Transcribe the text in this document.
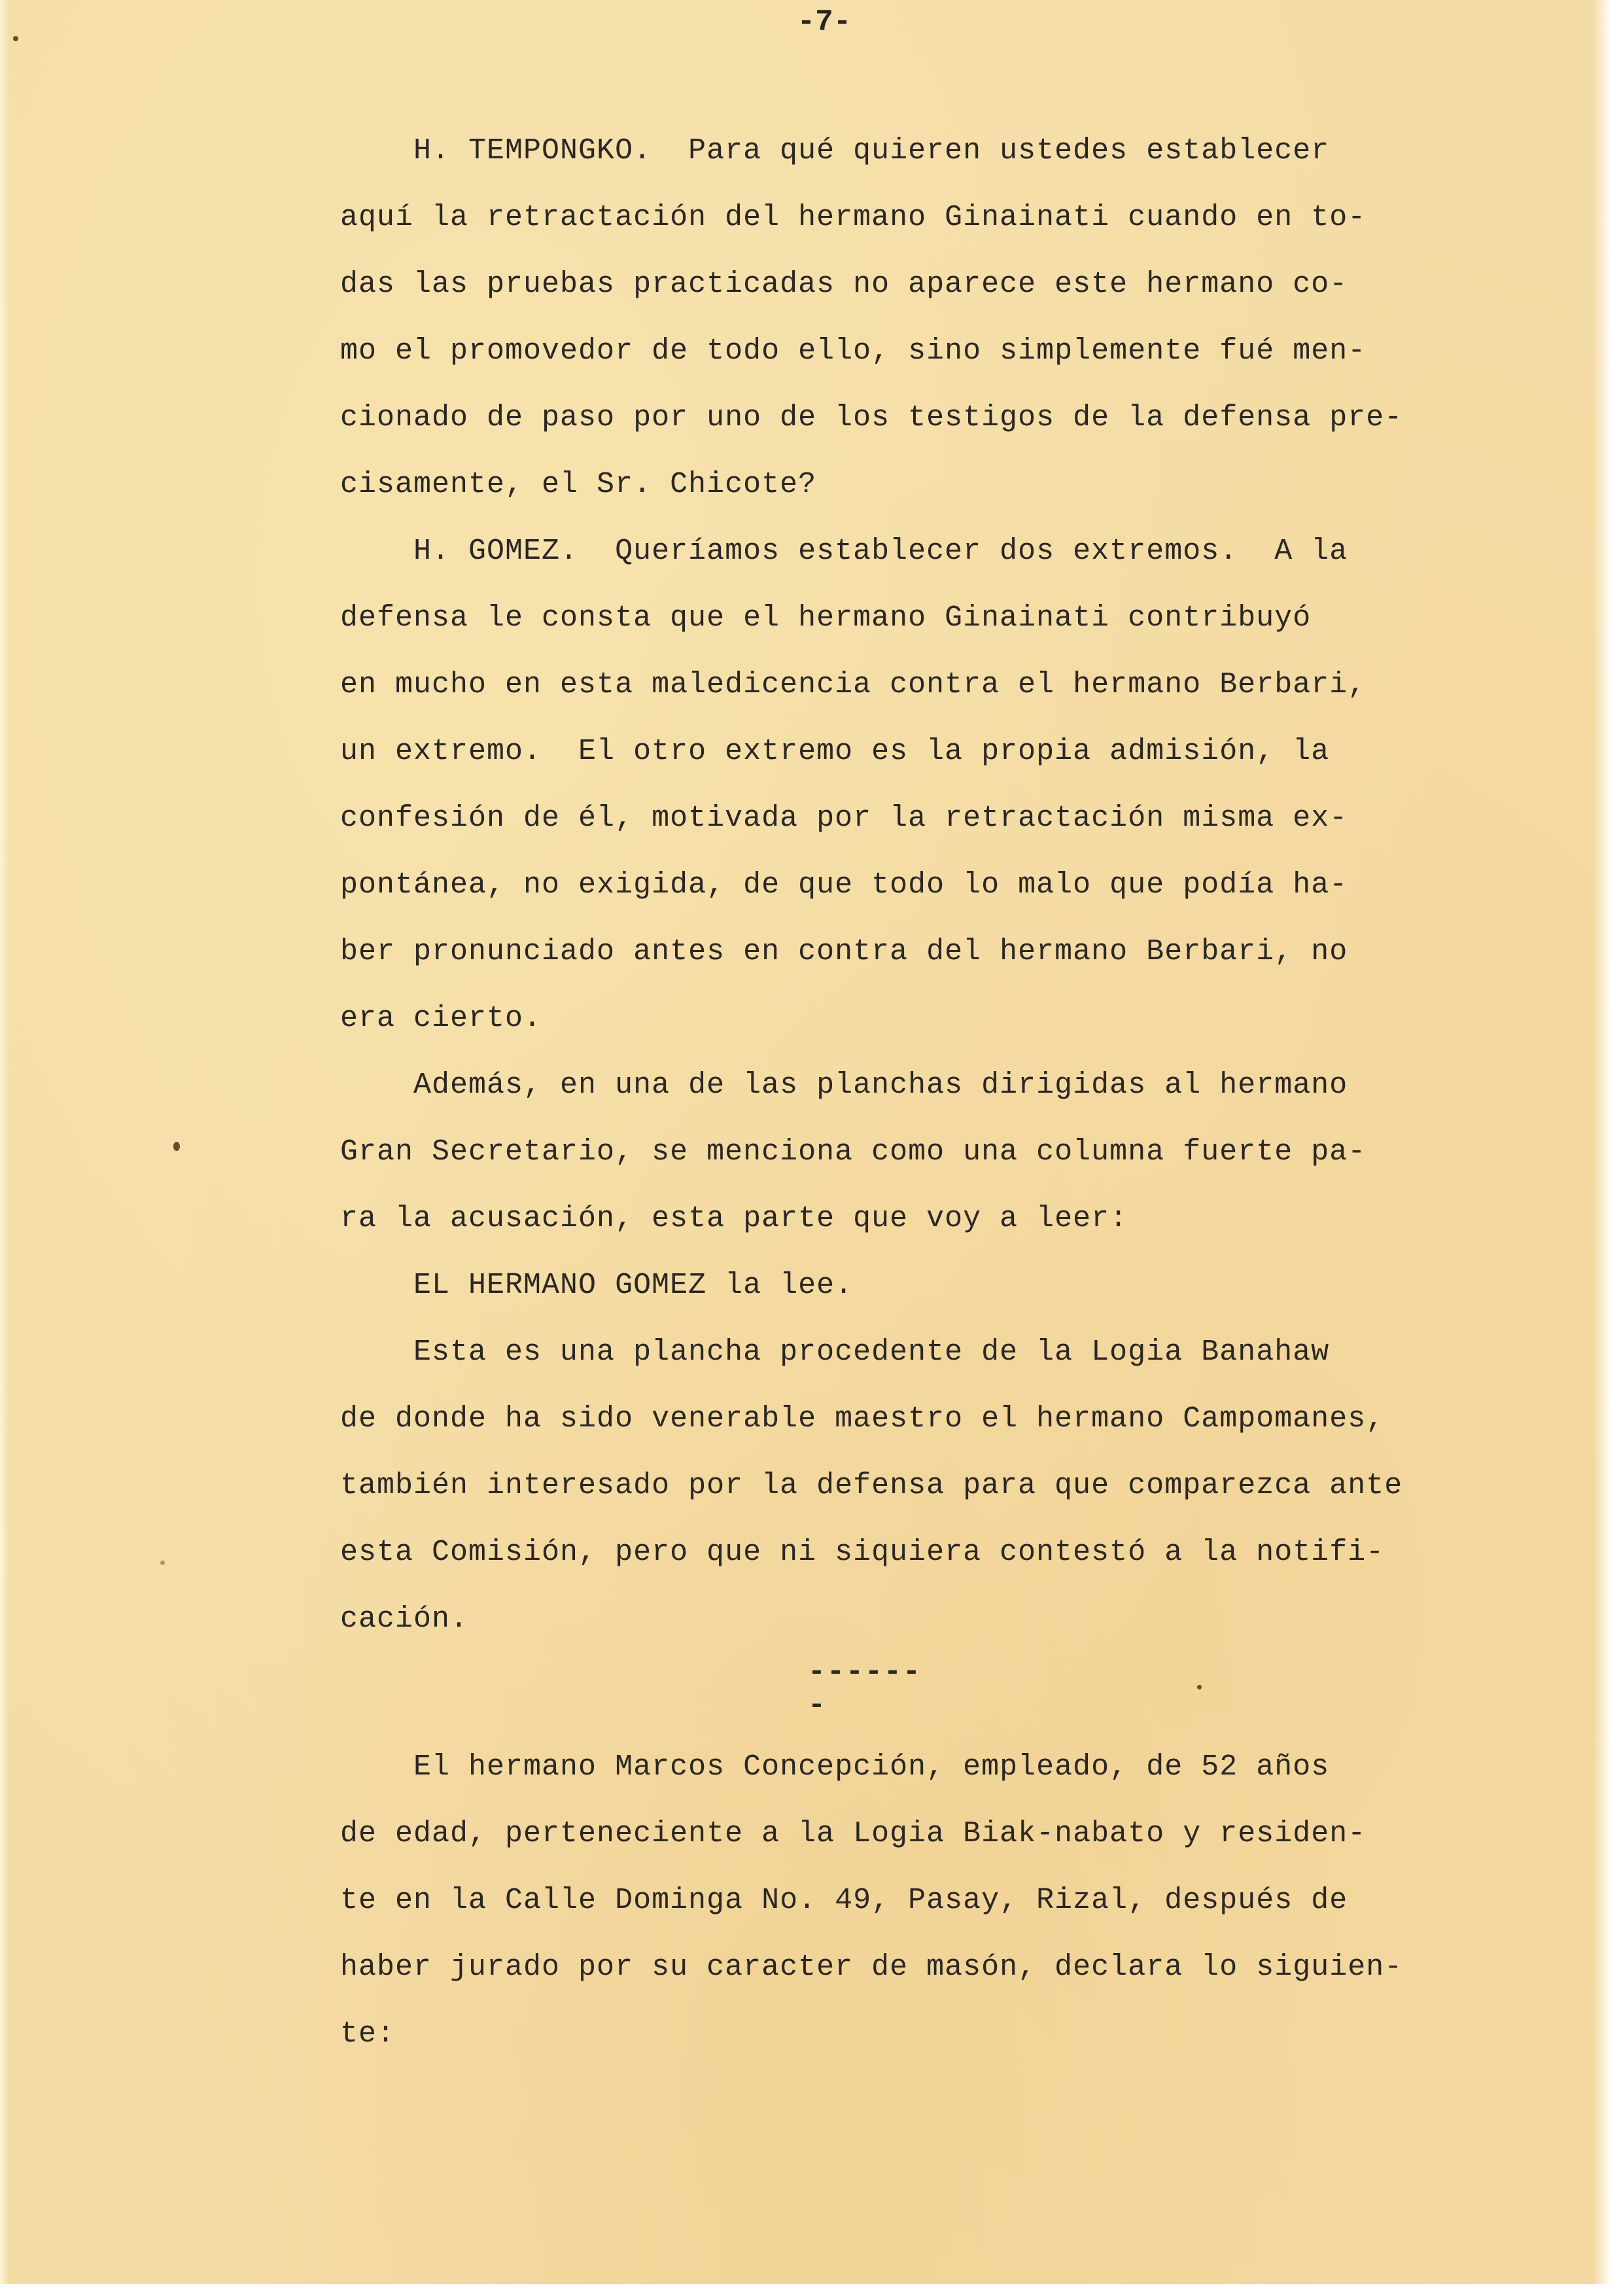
-7-
H. TEMPONGKO.  Para qué quieren ustedes establecer
aquí la retractación del hermano Ginainati cuando en to-
das las pruebas practicadas no aparece este hermano co-
mo el promovedor de todo ello, sino simplemente fué men-
cionado de paso por uno de los testigos de la defensa pre-
cisamente, el Sr. Chicote?
H. GOMEZ.  Queríamos establecer dos extremos.  A la
defensa le consta que el hermano Ginainati contribuyó
en mucho en esta maledicencia contra el hermano Berbari,
un extremo.  El otro extremo es la propia admisión, la
confesión de él, motivada por la retractación misma ex-
pontánea, no exigida, de que todo lo malo que podía ha-
ber pronunciado antes en contra del hermano Berbari, no
era cierto.
Además, en una de las planchas dirigidas al hermano
Gran Secretario, se menciona como una columna fuerte pa-
ra la acusación, esta parte que voy a leer:
EL HERMANO GOMEZ la lee.
Esta es una plancha procedente de la Logia Banahaw
de donde ha sido venerable maestro el hermano Campomanes,
también interesado por la defensa para que comparezca ante
esta Comisión, pero que ni siquiera contestó a la notifi-
cación.
-------
El hermano Marcos Concepción, empleado, de 52 años
de edad, perteneciente a la Logia Biak-nabato y residen-
te en la Calle Dominga No. 49, Pasay, Rizal, después de
haber jurado por su caracter de masón, declara lo siguien-
te:
